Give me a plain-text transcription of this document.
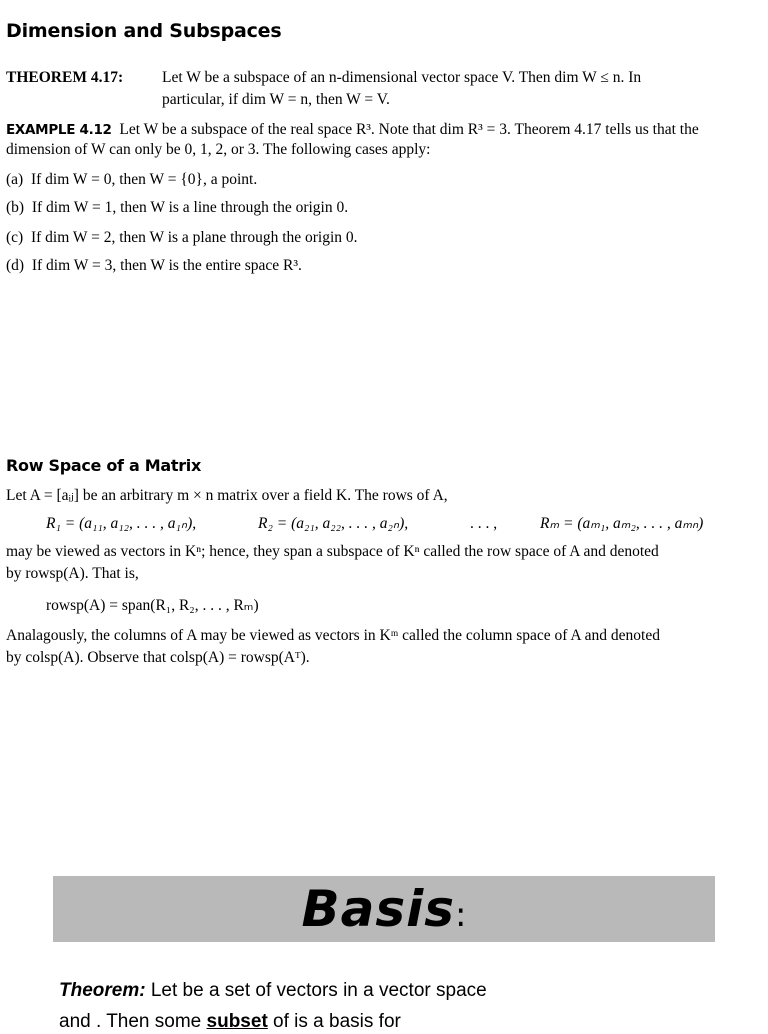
Dimension and Subspaces
THEOREM 4.17:	Let W be a subspace of an n-dimensional vector space V. Then dim W ≤ n. In
particular, if dim W = n, then W = V.
EXAMPLE 4.12 Let W be a subspace of the real space R³. Note that dim R³ = 3. Theorem 4.17 tells us that the
dimension of W can only be 0, 1, 2, or 3. The following cases apply:
(a) If dim W = 0, then W = {0}, a point.
(b) If dim W = 1, then W is a line through the origin 0.
(c) If dim W = 2, then W is a plane through the origin 0.
(d) If dim W = 3, then W is the entire space R³.
Row Space of a Matrix
Let A = [aᵢⱼ] be an arbitrary m × n matrix over a field K. The rows of A,
R₁ = (a₁₁, a₁₂, . . . , a₁ₙ),	R₂ = (a₂₁, a₂₂, . . . , a₂ₙ),	. . . ,	Rₘ = (aₘ₁, aₘ₂, . . . , aₘₙ)
may be viewed as vectors in Kⁿ; hence, they span a subspace of Kⁿ called the row space of A and denoted
by rowsp(A). That is,
rowsp(A) = span(R₁, R₂, . . . , Rₘ)
Analagously, the columns of A may be viewed as vectors in Kᵐ called the column space of A and denoted
by colsp(A). Observe that colsp(A) = rowsp(Aᵀ).
Basis:
Theorem: Let be a set of vectors in a vector space
and . Then some subset of is a basis for
